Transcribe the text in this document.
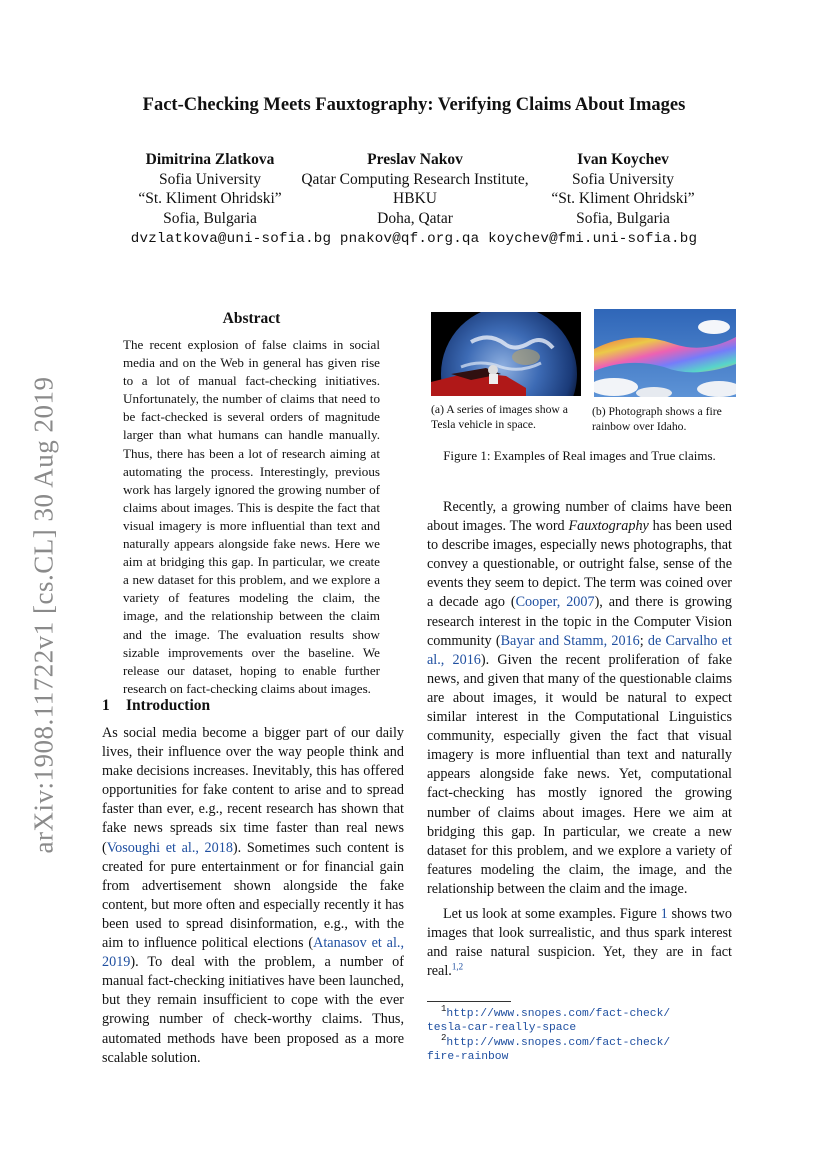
arXiv:1908.11722v1 [cs.CL] 30 Aug 2019
Fact-Checking Meets Fauxtography: Verifying Claims About Images
Dimitrina Zlatkova
Sofia University
“St. Kliment Ohridski”
Sofia, Bulgaria
Preslav Nakov
Qatar Computing Research Institute,
HBKU
Doha, Qatar
Ivan Koychev
Sofia University
“St. Kliment Ohridski”
Sofia, Bulgaria
dvzlatkova@uni-sofia.bg pnakov@qf.org.qa koychev@fmi.uni-sofia.bg
Abstract
The recent explosion of false claims in social media and on the Web in general has given rise to a lot of manual fact-checking initiatives. Unfortunately, the number of claims that need to be fact-checked is several orders of magnitude larger than what humans can handle manually. Thus, there has been a lot of research aiming at automating the process. Interestingly, previous work has largely ignored the growing number of claims about images. This is despite the fact that visual imagery is more influential than text and naturally appears alongside fake news. Here we aim at bridging this gap. In particular, we create a new dataset for this problem, and we explore a variety of features modeling the claim, the image, and the relationship between the claim and the image. The evaluation results show sizable improvements over the baseline. We release our dataset, hoping to enable further research on fact-checking claims about images.
1 Introduction
As social media become a bigger part of our daily lives, their influence over the way people think and make decisions increases. Inevitably, this has offered opportunities for fake content to arise and to spread faster than ever, e.g., recent research has shown that fake news spreads six time faster than real news (Vosoughi et al., 2018). Sometimes such content is created for pure entertainment or for financial gain from advertisement shown alongside the fake content, but more often and especially recently it has been used to spread disinformation, e.g., with the aim to influence political elections (Atanasov et al., 2019). To deal with the problem, a number of manual fact-checking initiatives have been launched, but they remain insufficient to cope with the ever growing number of check-worthy claims. Thus, automated methods have been proposed as a more scalable solution.
(a) A series of images show a Tesla vehicle in space.
(b) Photograph shows a fire rainbow over Idaho.
Figure 1: Examples of Real images and True claims.

Recently, a growing number of claims have been about images. The word Fauxtography has been used to describe images, especially news photographs, that convey a questionable, or outright false, sense of the events they seem to depict. The term was coined over a decade ago (Cooper, 2007), and there is growing research interest in the topic in the Computer Vision community (Bayar and Stamm, 2016; de Carvalho et al., 2016). Given the recent proliferation of fake news, and given that many of the questionable claims are about images, it would be natural to expect similar interest in the Computational Linguistics community, especially given the fact that visual imagery is more influential than text and naturally appears alongside fake news. Yet, computational fact-checking has mostly ignored the growing number of claims about images. Here we aim at bridging this gap. In particular, we create a new dataset for this problem, and we explore a variety of features modeling the claim, the image, and the relationship between the claim and the image.

Let us look at some examples. Figure 1 shows two images that look surrealistic, and thus spark interest and raise natural suspicion. Yet, they are in fact real.$^{1,2}$

$^1$http://www.snopes.com/fact-check/
tesla-car-really-space
$^2$http://www.snopes.com/fact-check/
fire-rainbow
